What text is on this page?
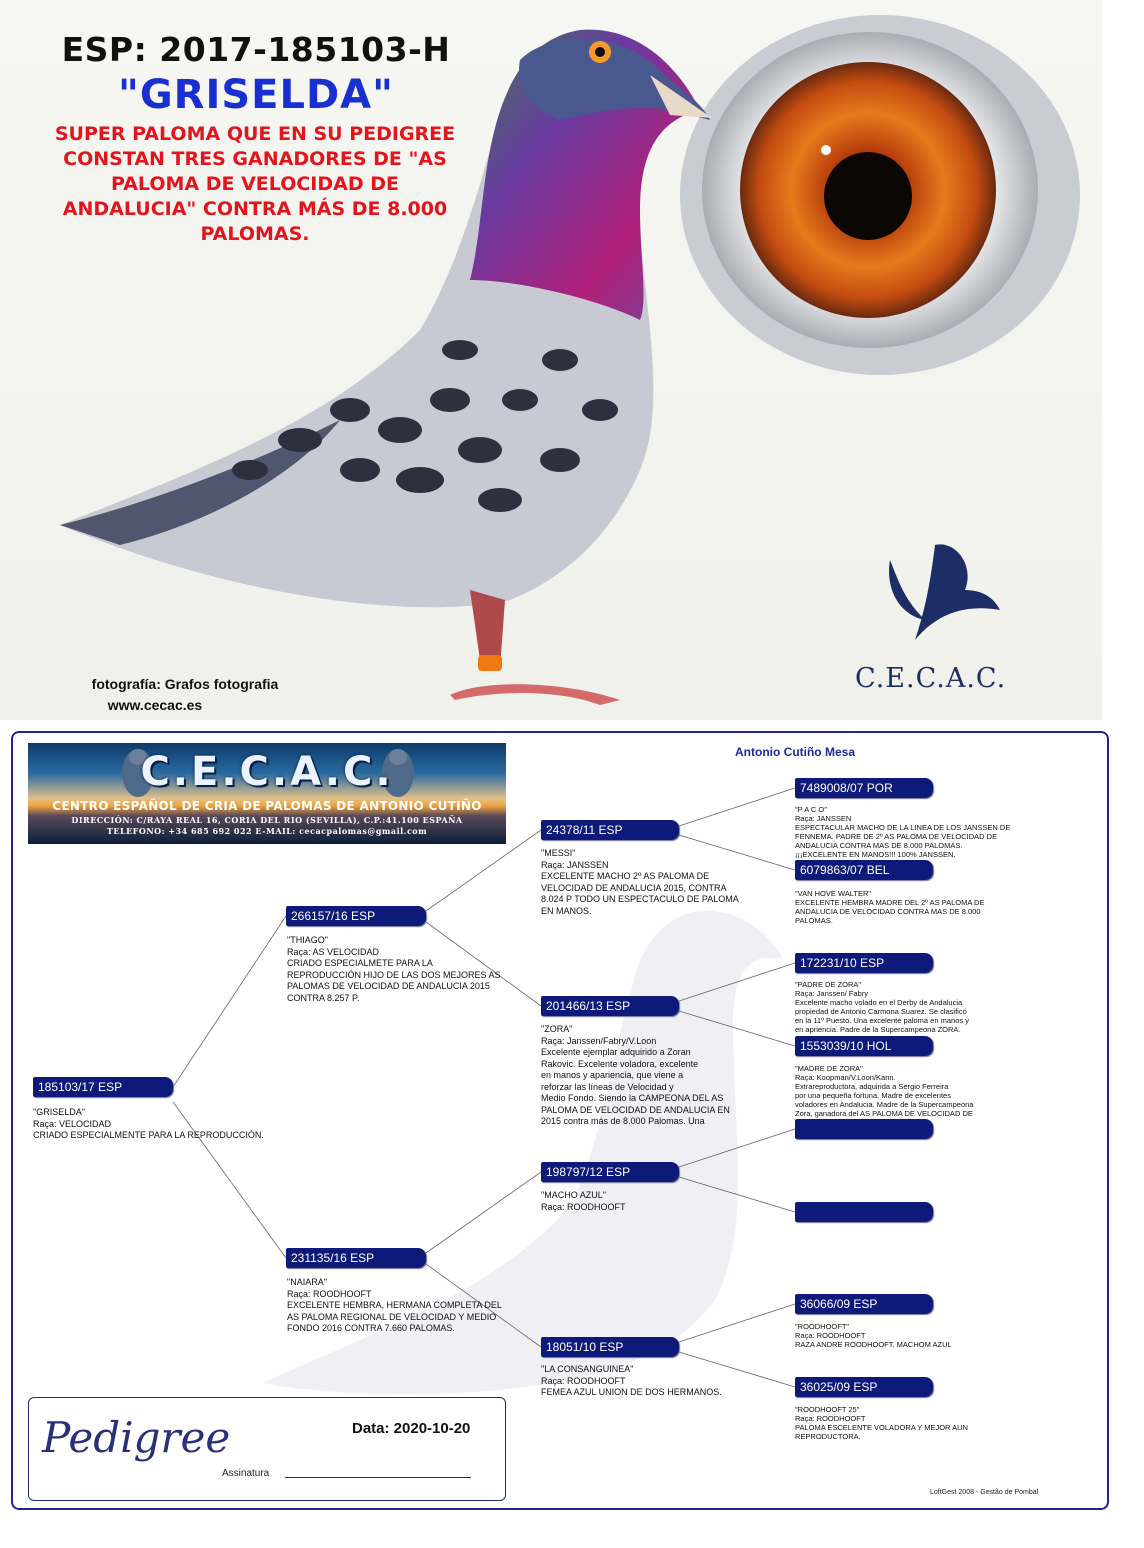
ESP: 2017-185103-H
"GRISELDA"
SUPER PALOMA QUE EN SU PEDIGREE CONSTAN TRES GANADORES DE "AS PALOMA DE VELOCIDAD DE ANDALUCIA" CONTRA MÁS DE 8.000 PALOMAS.
fotografía: Grafos fotografia
www.cecac.es
C.E.C.A.C.
Antonio Cutiño Mesa
C.E.C.A.C.
CENTRO ESPAÑOL DE CRIA DE PALOMAS DE ANTONIO CUTIÑO
DIRECCIÓN: C/RAYA REAL 16, CORIA DEL RIO (SEVILLA), C.P.:41.100 ESPAÑA
TELEFONO: +34 685 692 022 E-MAIL: cecacpalomas@gmail.com
185103/17 ESP
"GRISELDA"
Raça: VELOCIDAD
CRIADO ESPECIALMENTE PARA LA REPRODUCCIÓN.
266157/16 ESP
"THIAGO"
Raça: AS VELOCIDAD
CRIADO ESPECIALMETE PARA LA
REPRODUCCIÓN HIJO DE LAS DOS MEJORES AS
PALOMAS DE VELOCIDAD DE ANDALUCIA 2015
CONTRA 8.257 P.
231135/16 ESP
"NAIARA"
Raça: ROODHOOFT
EXCELENTE HEMBRA, HERMANA COMPLETA DEL
AS PALOMA REGIONAL DE VELOCIDAD Y MEDIO
FONDO 2016 CONTRA 7.660 PALOMAS.
24378/11 ESP
"MESSI"
Raça: JANSSEN
EXCELENTE MACHO 2º AS PALOMA DE
VELOCIDAD DE ANDALUCIA 2015, CONTRA
8.024 P TODO UN ESPECTACULO DE PALOMA
EN MANOS.
201466/13 ESP
"ZORA"
Raça: Janssen/Fabry/V.Loon
Excelente ejemplar adquirido a Zoran
Rakovic. Excelente voladora, excelente
en manos y apariencia, que viene a
reforzar las líneas de Velocidad y
Medio Fondo. Siendo la CAMPEONA DEL AS
PALOMA DE VELOCIDAD DE ANDALUCIA EN
2015 contra más de 8.000 Palomas. Una
198797/12 ESP
"MACHO AZUL"
Raça: ROODHOOFT
18051/10 ESP
"LA CONSANGUINEA"
Raça: ROODHOOFT
FEMEA AZUL UNION DE DOS HERMANOS.
7489008/07 POR
"P A C O"
Raça: JANSSEN
ESPECTACULAR MACHO DE LA LINEA DE LOS JANSSEN DE
FENNEMA. PADRE DE 2º AS PALOMA DE VELOCIDAD DE
ANDALUCIA CONTRA MAS DE 8.000 PALOMAS.
¡¡¡EXCELENTE EN MANOS!!! 100% JANSSEN.
6079863/07 BEL
"VAN HOVE WALTER"
EXCELENTE HEMBRA MADRE DEL 2º AS PALOMA DE
ANDALUCIA DE VELOCIDAD CONTRA MAS DE 8.000
PALOMAS.
172231/10 ESP
"PADRE DE ZORA"
Raça: Janssen/ Fabry
Excelente macho volado en el Derby de Andalucia
propiedad de Antonio Carmona Suarez. Se clasificó
en la 11º Puesto. Una excelente paloma en manos y
en apriencia. Padre de la Supercampeona ZORA.
1553039/10 HOL
"MADRE DE ZORA"
Raça: Koopman/V.Loon/Kann.
Extrareproductora, adquirida a Sergio Ferreira
por una pequeña fortuna. Madre de excelentes
voladores en Andalucia. Madre de la Supercampeona
Zora, ganadora del AS PALOMA DE VELOCIDAD DE
36066/09 ESP
"ROODHOOFT"
Raça: ROODHOOFT
RAZA ANDRE ROODHOOFT. MACHOM AZUL
36025/09 ESP
"ROODHOOFT 25"
Raça: ROODHOOFT
PALOMA ESCELENTE VOLADORA Y MEJOR AUN
REPRODUCTORA.
Pedigree	Data: 2020-10-20
Assinatura
LoftGest 2008 - Gestão de Pombal
